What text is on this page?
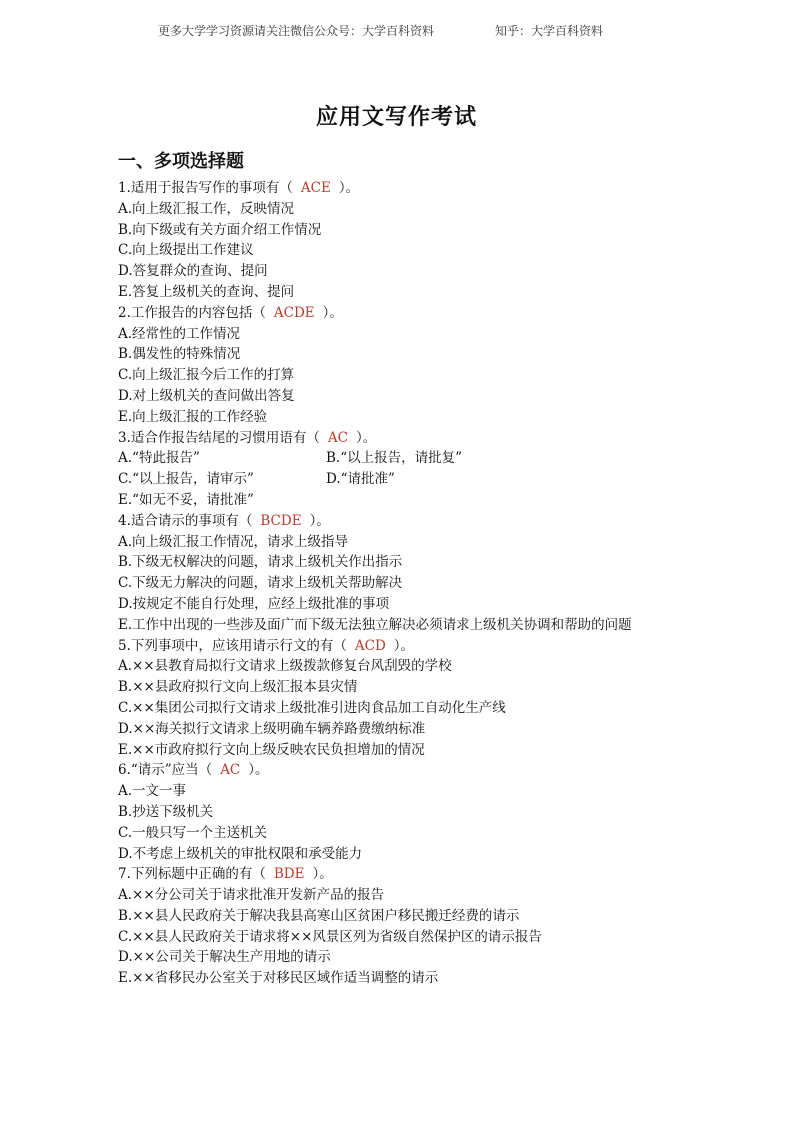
更多大学学习资源请关注微信公众号：大学百科资料	知乎：大学百科资料
应用文写作考试
一、多项选择题
1.适用于报告写作的事项有（ ACE ）。
A.向上级汇报工作，反映情况
B.向下级或有关方面介绍工作情况
C.向上级提出工作建议
D.答复群众的查询、提问
E.答复上级机关的查询、提问
2.工作报告的内容包括（ ACDE ）。
A.经常性的工作情况
B.偶发性的特殊情况
C.向上级汇报今后工作的打算
D.对上级机关的查问做出答复
E.向上级汇报的工作经验
3.适合作报告结尾的习惯用语有（ AC ）。
A.“特此报告”	B.“以上报告，请批复”
C.“以上报告，请审示”	D.“请批准”
E.“如无不妥，请批准”
4.适合请示的事项有（ BCDE ）。
A.向上级汇报工作情况，请求上级指导
B.下级无权解决的问题，请求上级机关作出指示
C.下级无力解决的问题，请求上级机关帮助解决
D.按规定不能自行处理，应经上级批准的事项
E.工作中出现的一些涉及面广而下级无法独立解决必须请求上级机关协调和帮助的问题
5.下列事项中，应该用请示行文的有（ ACD ）。
A.××县教育局拟行文请求上级拨款修复台风刮毁的学校
B.××县政府拟行文向上级汇报本县灾情
C.××集团公司拟行文请求上级批准引进肉食品加工自动化生产线
D.××海关拟行文请求上级明确车辆养路费缴纳标准
E.××市政府拟行文向上级反映农民负担增加的情况
6.“请示”应当（ AC ）。
A.一文一事
B.抄送下级机关
C.一般只写一个主送机关
D.不考虑上级机关的审批权限和承受能力
7.下列标题中正确的有（ BDE ）。
A.××分公司关于请求批准开发新产品的报告
B.××县人民政府关于解决我县高寒山区贫困户移民搬迁经费的请示
C.××县人民政府关于请求将××风景区列为省级自然保护区的请示报告
D.××公司关于解决生产用地的请示
E.××省移民办公室关于对移民区域作适当调整的请示
